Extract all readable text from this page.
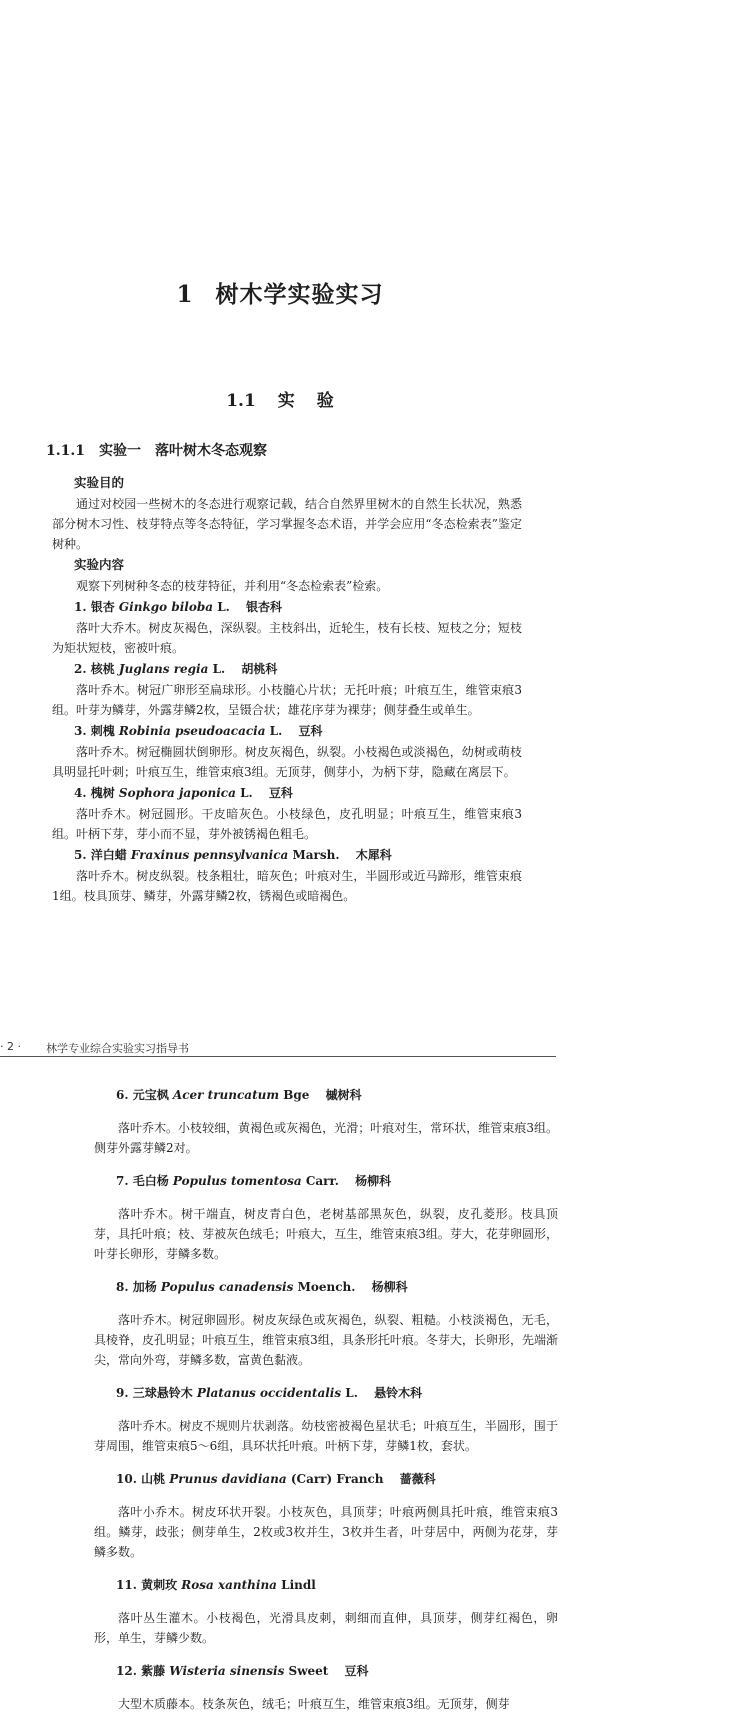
1 树木学实验实习
1.1 实 验
1.1.1 实验一 落叶树木冬态观察

实验目的

通过对校园一些树木的冬态进行观察记载，结合自然界里树木的自然生长状况，熟悉部分树木习性、枝芽特点等冬态特征，学习掌握冬态术语，并学会应用“冬态检索表”鉴定树种。

实验内容

观察下列树种冬态的枝芽特征，并利用“冬态检索表”检索。

1. 银杏 Ginkgo biloba L. 银杏科

落叶大乔木。树皮灰褐色，深纵裂。主枝斜出，近轮生，枝有长枝、短枝之分；短枝为矩状短枝，密被叶痕。

2. 核桃 Juglans regia L. 胡桃科

落叶乔木。树冠广卵形至扁球形。小枝髓心片状；无托叶痕；叶痕互生，维管束痕3组。叶芽为鳞芽，外露芽鳞2枚，呈镊合状；雄花序芽为裸芽；侧芽叠生或单生。

3. 刺槐 Robinia pseudoacacia L. 豆科

落叶乔木。树冠椭圆状倒卵形。树皮灰褐色，纵裂。小枝褐色或淡褐色，幼树或萌枝具明显托叶刺；叶痕互生，维管束痕3组。无顶芽，侧芽小，为柄下芽，隐藏在离层下。

4. 槐树 Sophora japonica L. 豆科

落叶乔木。树冠圆形。干皮暗灰色。小枝绿色，皮孔明显；叶痕互生，维管束痕3组。叶柄下芽，芽小而不显，芽外被锈褐色粗毛。

5. 洋白蜡 Fraxinus pennsylvanica Marsh. 木犀科

落叶乔木。树皮纵裂。枝条粗壮，暗灰色；叶痕对生，半圆形或近马蹄形，维管束痕1组。枝具顶芽、鳞芽，外露芽鳞2枚，锈褐色或暗褐色。

· 2 · 林学专业综合实验实习指导书

6. 元宝枫 Acer truncatum Bge 槭树科

落叶乔木。小枝较细，黄褐色或灰褐色，光滑；叶痕对生，常环状，维管束痕3组。侧芽外露芽鳞2对。

7. 毛白杨 Populus tomentosa Carr. 杨柳科

落叶乔木。树干端直，树皮青白色，老树基部黑灰色，纵裂，皮孔菱形。枝具顶芽，具托叶痕；枝、芽被灰色绒毛；叶痕大，互生，维管束痕3组。芽大，花芽卵圆形，叶芽长卵形，芽鳞多数。

8. 加杨 Populus canadensis Moench. 杨柳科

落叶乔木。树冠卵圆形。树皮灰绿色或灰褐色，纵裂、粗糙。小枝淡褐色，无毛，具棱脊，皮孔明显；叶痕互生，维管束痕3组，具条形托叶痕。冬芽大，长卵形，先端渐尖，常向外弯，芽鳞多数，富黄色黏液。

9. 三球悬铃木 Platanus occidentalis L. 悬铃木科

落叶乔木。树皮不规则片状剥落。幼枝密被褐色星状毛；叶痕互生，半圆形，围于芽周围，维管束痕5～6组，具环状托叶痕。叶柄下芽，芽鳞1枚，套状。

10. 山桃 Prunus davidiana (Carr) Franch 蔷薇科

落叶小乔木。树皮环状开裂。小枝灰色，具顶芽；叶痕两侧具托叶痕，维管束痕3组。鳞芽，歧张；侧芽单生，2枚或3枚并生，3枚并生者，叶芽居中，两侧为花芽，芽鳞多数。

11. 黄刺玫 Rosa xanthina Lindl

落叶丛生灌木。小枝褐色，光滑具皮刺，刺细而直伸，具顶芽，侧芽红褐色，卵形，单生，芽鳞少数。

12. 紫藤 Wisteria sinensis Sweet 豆科

大型木质藤本。枝条灰色，绒毛；叶痕互生，维管束痕3组。无顶芽，侧芽
